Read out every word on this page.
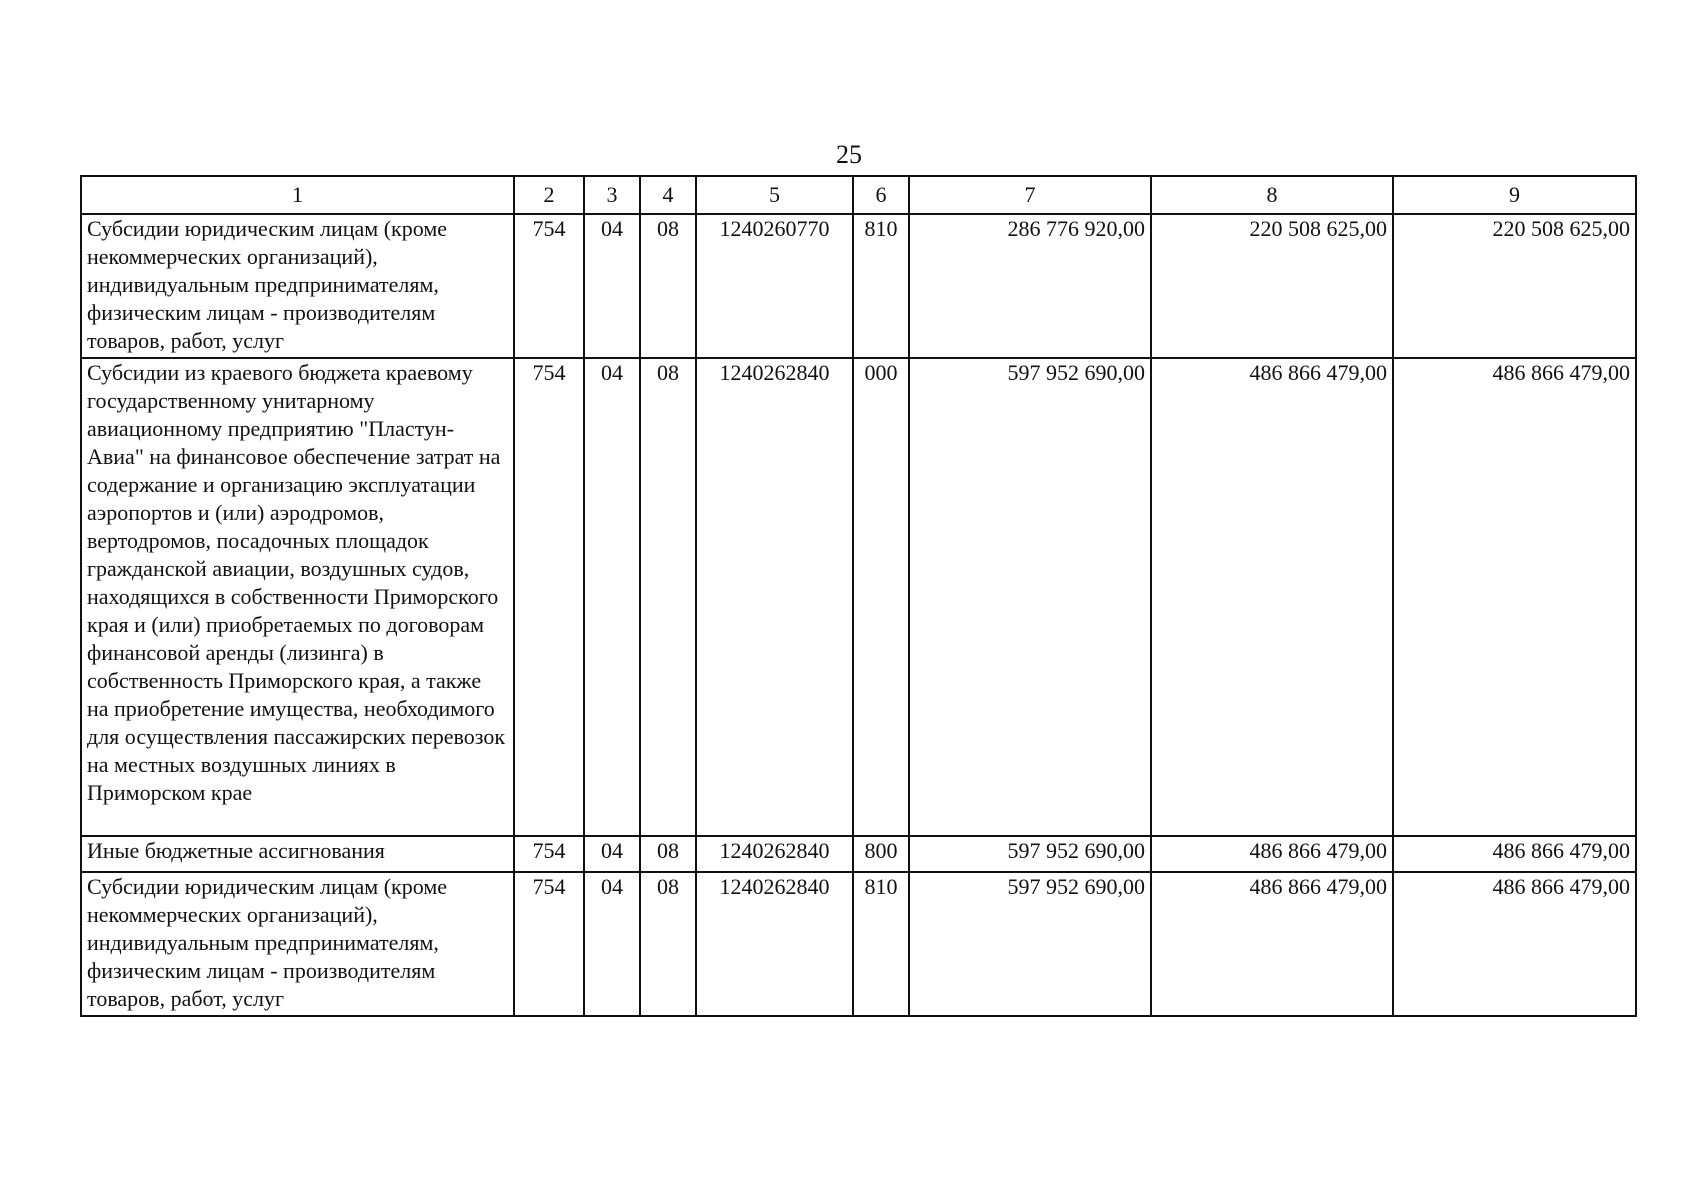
25
1	2	3	4	5	6	7	8	9
Субсидии юридическим лицам (кроме некоммерческих организаций), индивидуальным предпринимателям, физическим лицам - производителям товаров, работ, услуг	754	04	08	1240260770	810	286 776 920,00	220 508 625,00	220 508 625,00
Субсидии из краевого бюджета краевому государственному унитарному авиационному предприятию "Пластун-Авиа" на финансовое обеспечение затрат на содержание и организацию эксплуатации аэропортов и (или) аэродромов, вертодромов, посадочных площадок гражданской авиации, воздушных судов, находящихся в собственности Приморского края и (или) приобретаемых по договорам финансовой аренды (лизинга) в собственность Приморского края, а также на приобретение имущества, необходимого для осуществления пассажирских перевозок на местных воздушных линиях в Приморском крае	754	04	08	1240262840	000	597 952 690,00	486 866 479,00	486 866 479,00
Иные бюджетные ассигнования	754	04	08	1240262840	800	597 952 690,00	486 866 479,00	486 866 479,00
Субсидии юридическим лицам (кроме некоммерческих организаций), индивидуальным предпринимателям, физическим лицам - производителям товаров, работ, услуг	754	04	08	1240262840	810	597 952 690,00	486 866 479,00	486 866 479,00
